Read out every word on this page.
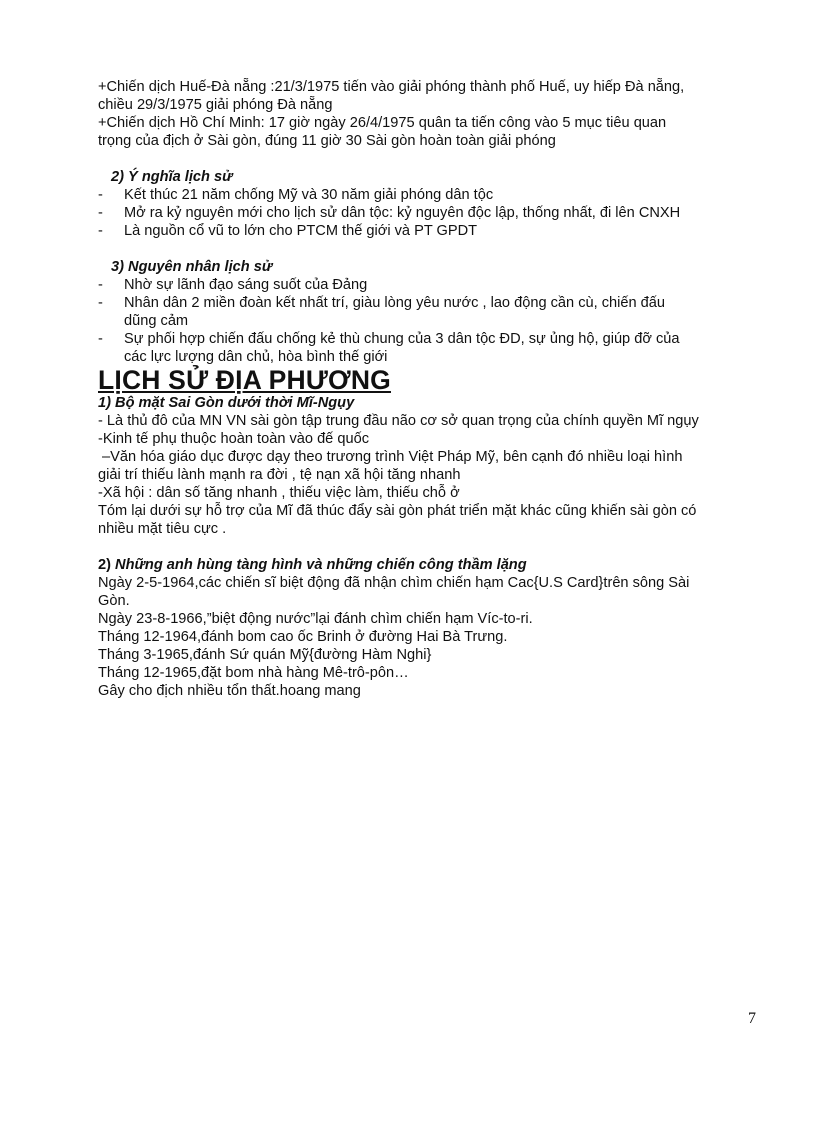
+Chiến dịch Huế-Đà nẵng :21/3/1975 tiến vào giải phóng thành phố Huế, uy hiếp Đà nẵng,
chiều 29/3/1975 giải phóng Đà nẵng
+Chiến dịch Hồ Chí Minh: 17 giờ ngày 26/4/1975 quân ta tiến công vào 5 mục tiêu quan
trọng của địch ở Sài gòn, đúng 11 giờ 30 Sài gòn hoàn toàn giải phóng
2) Ý nghĩa lịch sử
-	Kết thúc 21 năm chống Mỹ và 30 năm giải phóng dân tộc
-	Mở ra kỷ nguyên mới cho lịch sử dân tộc: kỷ nguyên độc lập, thống nhất, đi lên CNXH
-	Là nguồn cổ vũ to lớn cho PTCM thế giới và PT GPDT
3) Nguyên nhân lịch sử
-	Nhờ sự lãnh đạo sáng suốt của Đảng
-	Nhân dân 2 miền đoàn kết nhất trí, giàu lòng yêu nước , lao động cần cù, chiến đấu
dũng cảm
-	Sự phối hợp chiến đấu chống kẻ thù chung của 3 dân tộc ĐD, sự ủng hộ, giúp đỡ của
các lực lượng dân chủ, hòa bình thế giới
LỊCH SỬ ĐỊA PHƯƠNG
1) Bộ mặt Sai Gòn dưới thời Mĩ-Ngụy
- Là thủ đô của MN VN sài gòn tập trung đầu não cơ sở quan trọng của chính quyền Mĩ ngụy
-Kinh tế phụ thuộc hoàn toàn vào đế quốc
–Văn hóa giáo dục được dạy theo trương trình Việt Pháp Mỹ, bên cạnh đó nhiều loại hình
giải trí thiếu lành mạnh ra đời , tệ nạn xã hội tăng nhanh
-Xã hội : dân số tăng nhanh , thiếu việc làm, thiếu chỗ ở
Tóm lại dưới sự hỗ trợ của Mĩ đã thúc đẩy sài gòn phát triển mặt khác cũng khiến sài gòn có
nhiều mặt tiêu cực .
2) Những anh hùng tàng hình và những chiến công thầm lặng
Ngày 2-5-1964,các chiến sĩ biệt động đã nhận chìm chiến hạm Cac{U.S Card}trên sông Sài
Gòn.
Ngày 23-8-1966,”biệt động nước”lại đánh chìm chiến hạm Víc-to-ri.
Tháng 12-1964,đánh bom cao ốc Brinh ở đường Hai Bà Trưng.
Tháng 3-1965,đánh Sứ quán Mỹ{đường Hàm Nghi}
Tháng 12-1965,đặt bom nhà hàng Mê-trô-pôn…
Gây cho địch nhiều tổn thất.hoang mang
7
